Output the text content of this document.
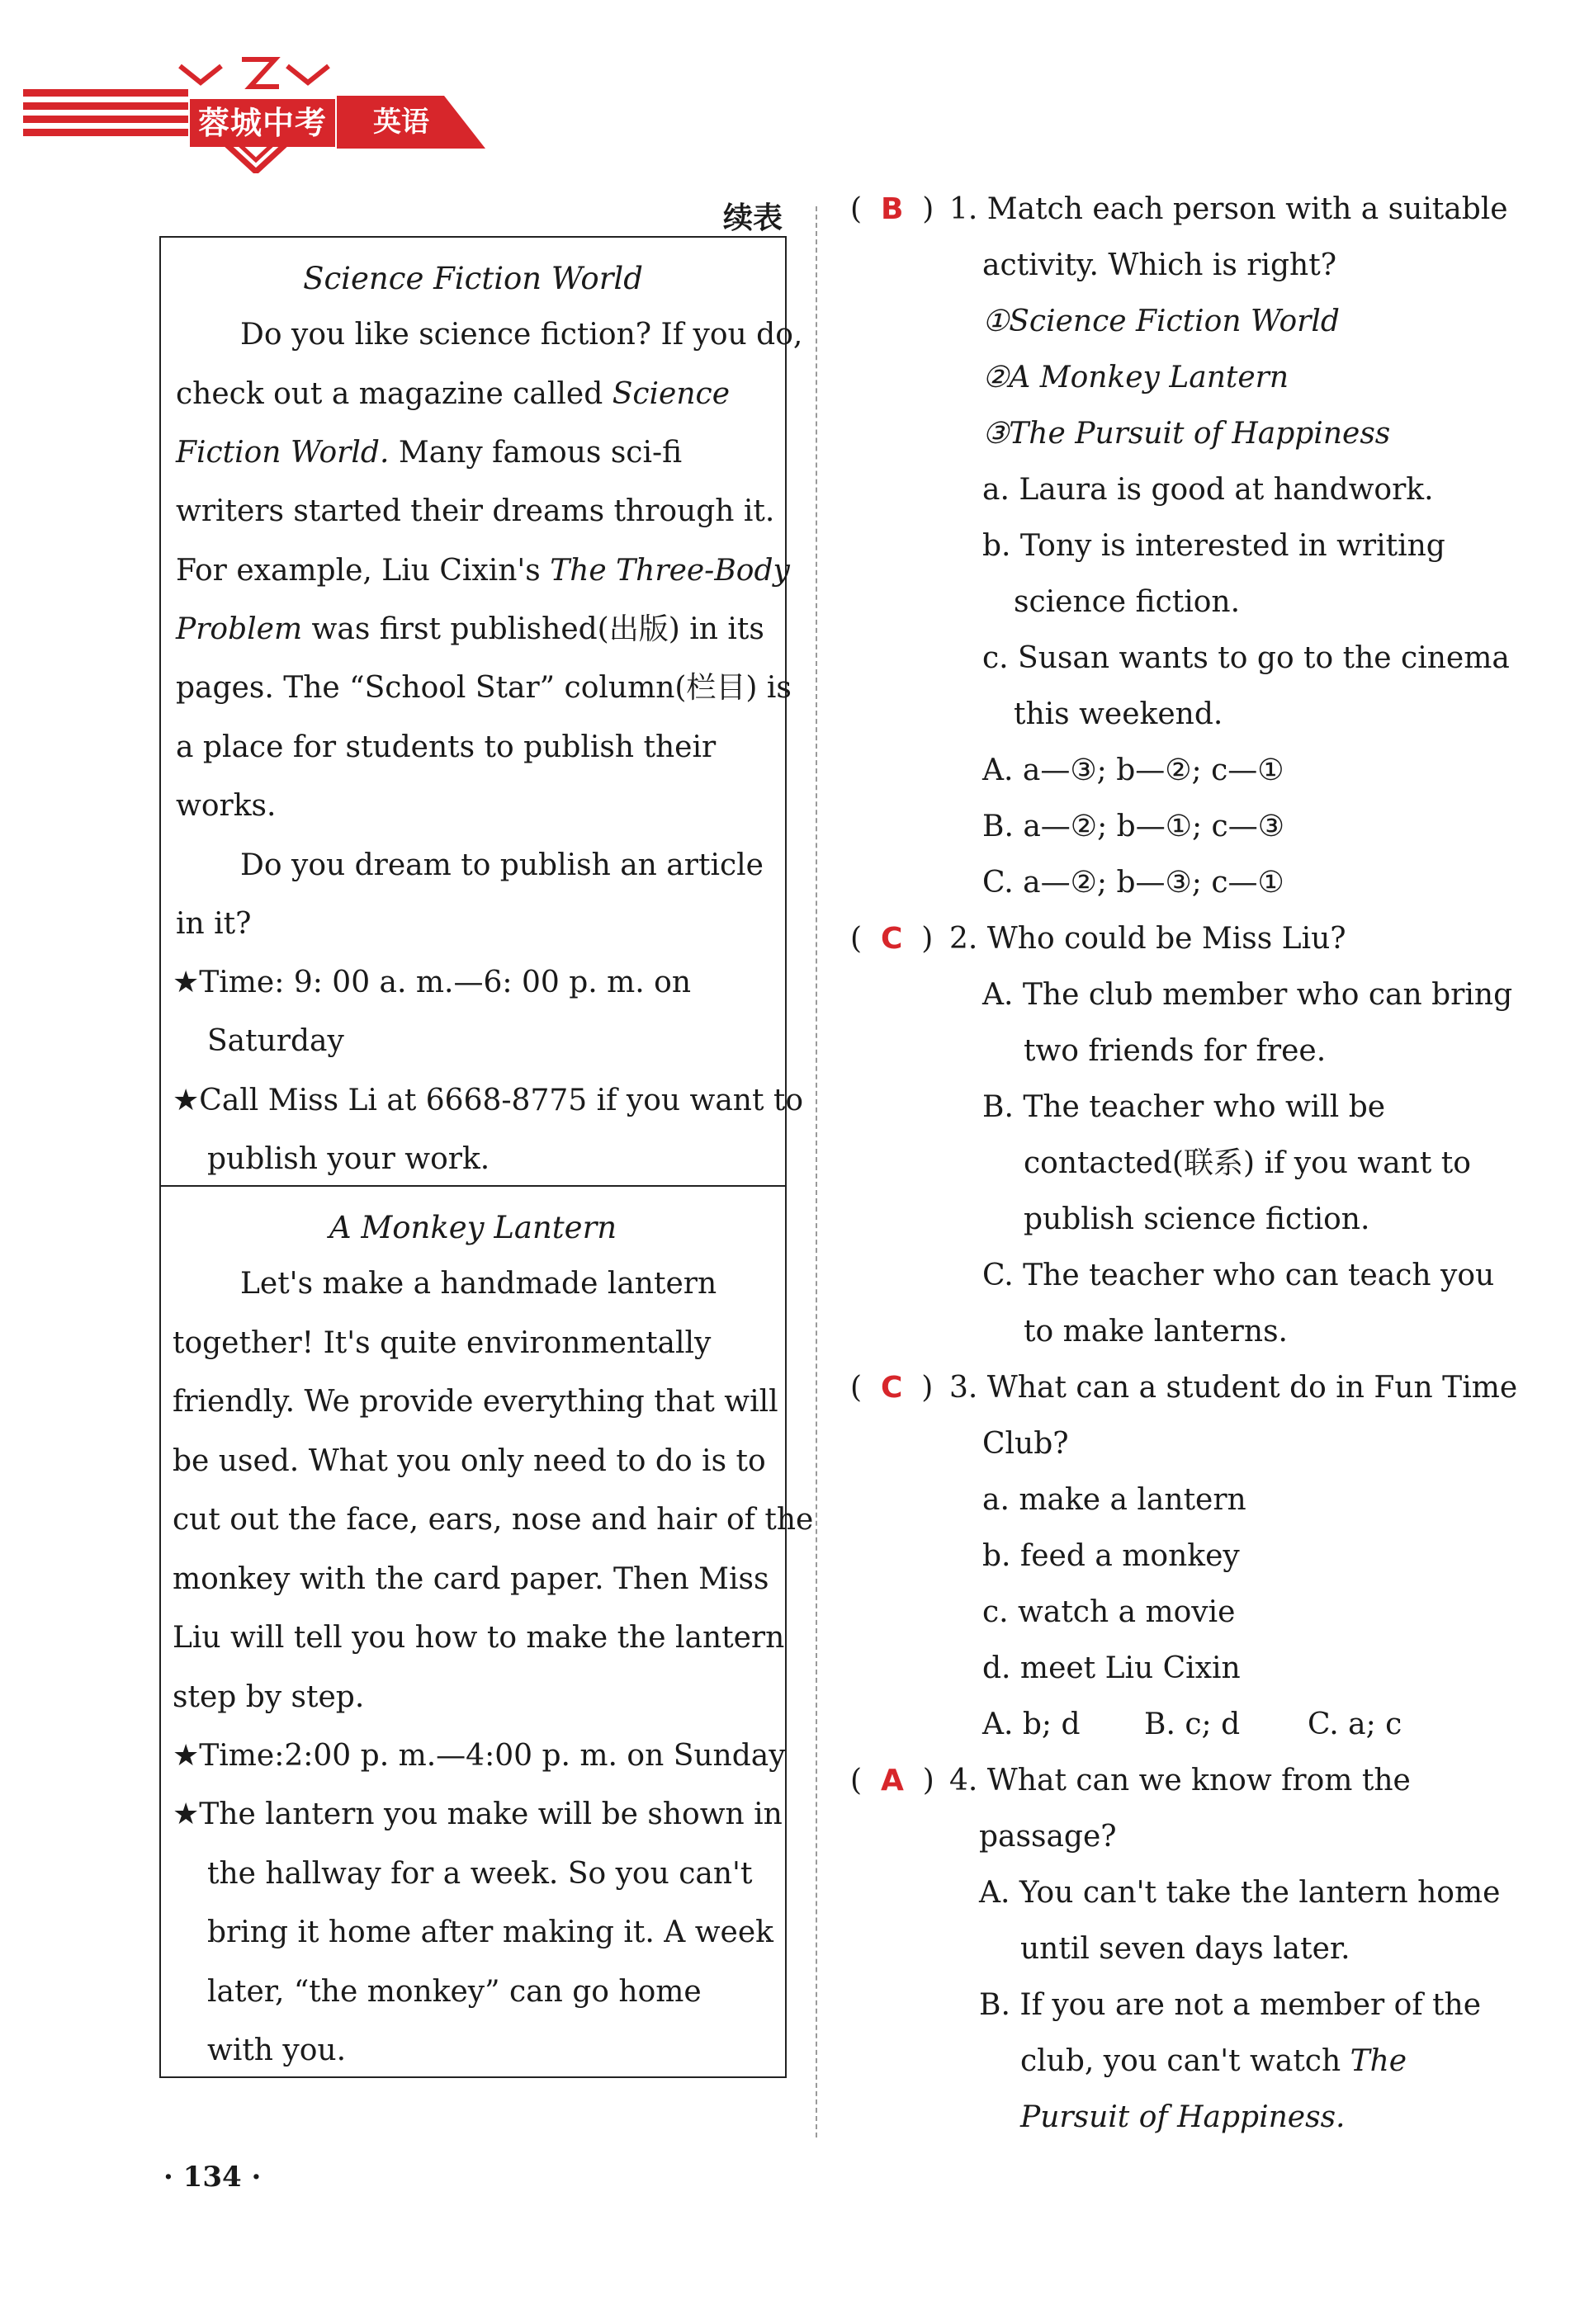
蓉城中考	英语
续表
Science Fiction World
Do you like science fiction? If you do,
check out a magazine called Science
Fiction World. Many famous sci-fi
writers started their dreams through it.
For example, Liu Cixin's The Three-Body
Problem was first published(出版) in its
pages. The “School Star” column(栏目) is
a place for students to publish their
works.
Do you dream to publish an article
in it?
★Time: 9: 00 a. m.—6: 00 p. m. on
Saturday
★Call Miss Li at 6668-8775 if you want to
publish your work.
A Monkey Lantern
Let's make a handmade lantern
together! It's quite environmentally
friendly. We provide everything that will
be used. What you only need to do is to
cut out the face, ears, nose and hair of the
monkey with the card paper. Then Miss
Liu will tell you how to make the lantern
step by step.
★Time:2:00 p. m.—4:00 p. m. on Sunday
★The lantern you make will be shown in
the hallway for a week. So you can't
bring it home after making it. A week
later, “the monkey” can go home
with you.
(  B  ) 1. Match each person with a suitable
activity. Which is right?
①Science Fiction World
②A Monkey Lantern
③The Pursuit of Happiness
a. Laura is good at handwork.
b. Tony is interested in writing
science fiction.
c. Susan wants to go to the cinema
this weekend.
A. a—③; b—②; c—①
B. a—②; b—①; c—③
C. a—②; b—③; c—①
(  C  ) 2. Who could be Miss Liu?
A. The club member who can bring
two friends for free.
B. The teacher who will be
contacted(联系) if you want to
publish science fiction.
C. The teacher who can teach you
to make lanterns.
(  C  ) 3. What can a student do in Fun Time
Club?
a. make a lantern
b. feed a monkey
c. watch a movie
d. meet Liu Cixin
A. b; d B. c; d C. a; c
(  A  ) 4. What can we know from the
passage?
A. You can't take the lantern home
until seven days later.
B. If you are not a member of the
club, you can't watch The
Pursuit of Happiness.
· 134 ·
